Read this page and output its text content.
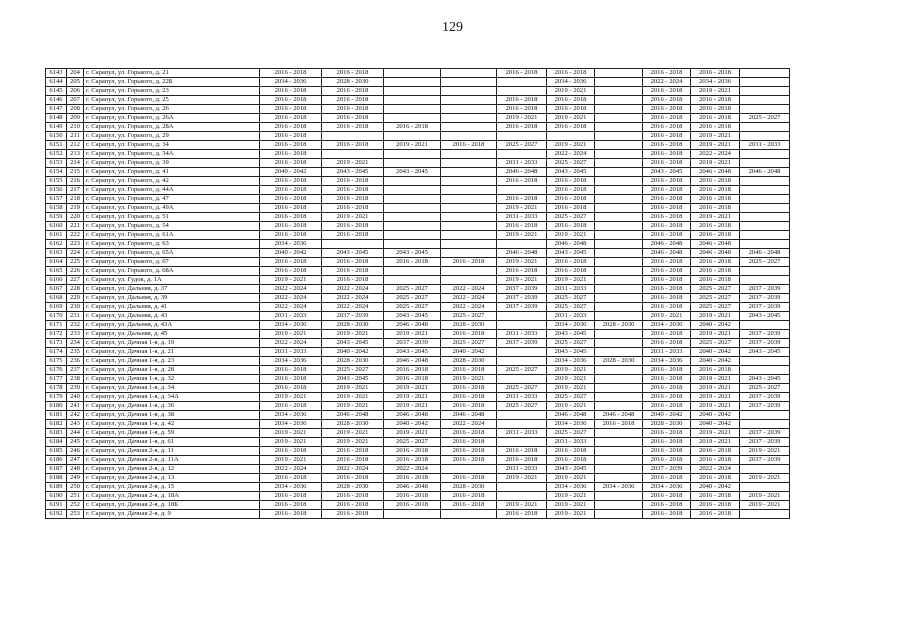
129
6143	204	г. Сарапул, ул. Горького, д. 21	2016 - 2018	2016 - 2018			2016 - 2018	2016 - 2018		2016 - 2018	2016 - 2018	
6144	205	г. Сарапул, ул. Горького, д. 22Б	2034 - 2036	2028 - 2030				2034 - 2036		2022 - 2024	2034 - 2036	
6145	206	г. Сарапул, ул. Горького, д. 23	2016 - 2018	2016 - 2018				2019 - 2021		2016 - 2018	2019 - 2021	
6146	207	г. Сарапул, ул. Горького, д. 25	2016 - 2018	2016 - 2018			2016 - 2018	2016 - 2018		2016 - 2018	2016 - 2018	
6147	208	г. Сарапул, ул. Горького, д. 26	2016 - 2018	2016 - 2018			2016 - 2018	2016 - 2018		2016 - 2018	2016 - 2018	
6148	209	г. Сарапул, ул. Горького, д. 26А	2016 - 2018	2016 - 2018			2019 - 2021	2019 - 2021		2016 - 2018	2016 - 2018	2025 - 2027
6149	210	г. Сарапул, ул. Горького, д. 28А	2016 - 2018	2016 - 2018	2016 - 2018		2016 - 2018	2016 - 2018		2016 - 2018	2016 - 2018	
6150	211	г. Сарапул, ул. Горького, д. 29	2016 - 2018							2016 - 2018	2019 - 2021	
6151	212	г. Сарапул, ул. Горького, д. 34	2016 - 2018	2016 - 2018	2019 - 2021	2016 - 2018	2025 - 2027	2019 - 2021		2016 - 2018	2019 - 2021	2031 - 2033
6152	213	г. Сарапул, ул. Горького, д. 34А	2016 - 2018					2022 - 2024		2016 - 2018	2022 - 2024	
6153	214	г. Сарапул, ул. Горького, д. 39	2016 - 2018	2019 - 2021			2031 - 2033	2025 - 2027		2016 - 2018	2019 - 2021	
6154	215	г. Сарапул, ул. Горького, д. 41	2040 - 2042	2043 - 2045	2043 - 2045		2046 - 2048	2043 - 2045		2043 - 2045	2046 - 2048	2046 - 2048
6155	216	г. Сарапул, ул. Горького, д. 42	2016 - 2018	2016 - 2018			2016 - 2018	2016 - 2018		2016 - 2018	2016 - 2018	
6156	217	г. Сарапул, ул. Горького, д. 44А	2016 - 2018	2016 - 2018				2016 - 2018		2016 - 2018	2016 - 2018	
6157	218	г. Сарапул, ул. Горького, д. 47	2016 - 2018	2016 - 2018			2016 - 2018	2016 - 2018		2016 - 2018	2016 - 2018	
6158	219	г. Сарапул, ул. Горького, д. 49А	2016 - 2018	2016 - 2018			2019 - 2021	2016 - 2018		2016 - 2018	2016 - 2018	
6159	220	г. Сарапул, ул. Горького, д. 51	2016 - 2018	2019 - 2021			2031 - 2033	2025 - 2027		2016 - 2018	2019 - 2021	
6160	221	г. Сарапул, ул. Горького, д. 54	2016 - 2018	2016 - 2018			2016 - 2018	2016 - 2018		2016 - 2018	2016 - 2018	
6161	222	г. Сарапул, ул. Горького, д. 61А	2016 - 2018	2016 - 2018			2019 - 2021	2019 - 2021		2016 - 2018	2016 - 2018	
6162	223	г. Сарапул, ул. Горького, д. 63	2034 - 2036					2046 - 2048		2046 - 2048	2046 - 2048	
6163	224	г. Сарапул, ул. Горького, д. 65А	2040 - 2042	2043 - 2045	2043 - 2045		2046 - 2048	2043 - 2045		2046 - 2048	2046 - 2048	2046 - 2048
6164	225	г. Сарапул, ул. Горького, д. 67	2016 - 2018	2016 - 2018	2016 - 2018	2016 - 2018	2019 - 2021	2016 - 2018		2016 - 2018	2016 - 2018	2025 - 2027
6165	226	г. Сарапул, ул. Горького, д. 68А	2016 - 2018	2016 - 2018			2016 - 2018	2016 - 2018		2016 - 2018	2016 - 2018	
6166	227	г. Сарапул, ул. Гудок, д. 1А	2019 - 2021	2016 - 2018			2019 - 2021	2019 - 2021		2016 - 2018	2016 - 2018	
6167	228	г. Сарапул, ул. Дальняя, д. 37	2022 - 2024	2022 - 2024	2025 - 2027	2022 - 2024	2037 - 2039	2031 - 2033		2016 - 2018	2025 - 2027	2037 - 2039
6168	229	г. Сарапул, ул. Дальняя, д. 39	2022 - 2024	2022 - 2024	2025 - 2027	2022 - 2024	2037 - 2039	2025 - 2027		2016 - 2018	2025 - 2027	2037 - 2039
6169	230	г. Сарапул, ул. Дальняя, д. 41	2022 - 2024	2022 - 2024	2025 - 2027	2022 - 2024	2037 - 2039	2025 - 2027		2016 - 2018	2025 - 2027	2037 - 2039
6170	231	г. Сарапул, ул. Дальняя, д. 43	2031 - 2033	2037 - 2039	2043 - 2045	2025 - 2027		2031 - 2033		2019 - 2021	2019 - 2021	2043 - 2045
6171	232	г. Сарапул, ул. Дальняя, д. 43А	2034 - 2036	2028 - 2030	2046 - 2048	2028 - 2030		2034 - 2036	2028 - 2030	2034 - 2036	2040 - 2042	
6172	233	г. Сарапул, ул. Дальняя, д. 45	2019 - 2021	2019 - 2021	2019 - 2021	2016 - 2018	2031 - 2033	2043 - 2045		2016 - 2018	2019 - 2021	2037 - 2039
6173	234	г. Сарапул, ул. Дачная 1-я, д. 19	2022 - 2024	2043 - 2045	2037 - 2039	2025 - 2027	2037 - 2039	2025 - 2027		2016 - 2018	2025 - 2027	2037 - 2039
6174	235	г. Сарапул, ул. Дачная 1-я, д. 21	2031 - 2033	2040 - 2042	2043 - 2045	2040 - 2042		2043 - 2045		2031 - 2033	2040 - 2042	2043 - 2045
6175	236	г. Сарапул, ул. Дачная 1-я, д. 23	2034 - 2036	2028 - 2030	2046 - 2048	2028 - 2030		2034 - 2036	2028 - 2030	2034 - 2036	2040 - 2042	
6176	237	г. Сарапул, ул. Дачная 1-я, д. 28	2016 - 2018	2025 - 2027	2016 - 2018	2016 - 2018	2025 - 2027	2019 - 2021		2016 - 2018	2016 - 2018	
6177	238	г. Сарапул, ул. Дачная 1-я, д. 32	2016 - 2018	2043 - 2045	2016 - 2018	2019 - 2021		2019 - 2021		2016 - 2018	2019 - 2021	2043 - 2045
6178	239	г. Сарапул, ул. Дачная 1-я, д. 34	2016 - 2018	2019 - 2021	2019 - 2021	2016 - 2018	2025 - 2027	2019 - 2021		2016 - 2018	2019 - 2021	2025 - 2027
6179	240	г. Сарапул, ул. Дачная 1-я, д. 34А	2019 - 2021	2019 - 2021	2019 - 2021	2016 - 2018	2031 - 2033	2025 - 2027		2016 - 2018	2019 - 2021	2037 - 2039
6180	241	г. Сарапул, ул. Дачная 1-я, д. 36	2016 - 2018	2019 - 2021	2019 - 2021	2016 - 2018	2025 - 2027	2019 - 2021		2016 - 2018	2019 - 2021	2037 - 2039
6181	242	г. Сарапул, ул. Дачная 1-я, д. 38	2034 - 2036	2046 - 2048	2046 - 2048	2046 - 2048		2046 - 2048	2046 - 2048	2040 - 2042	2040 - 2042	
6182	243	г. Сарапул, ул. Дачная 1-я, д. 42	2034 - 2036	2028 - 2030	2040 - 2042	2022 - 2024		2034 - 2036	2016 - 2018	2028 - 2030	2040 - 2042	
6183	244	г. Сарапул, ул. Дачная 1-я, д. 59	2019 - 2021	2019 - 2021	2019 - 2021	2016 - 2018	2031 - 2033	2025 - 2027		2016 - 2018	2019 - 2021	2037 - 2039
6184	245	г. Сарапул, ул. Дачная 1-я, д. 61	2019 - 2021	2019 - 2021	2025 - 2027	2016 - 2018		2031 - 2033		2016 - 2018	2019 - 2021	2037 - 2039
6185	246	г. Сарапул, ул. Дачная 2-я, д. 11	2016 - 2018	2016 - 2018	2016 - 2018	2016 - 2018	2016 - 2018	2016 - 2018		2016 - 2018	2016 - 2018	2019 - 2021
6186	247	г. Сарапул, ул. Дачная 2-я, д. 11А	2019 - 2021	2016 - 2018	2016 - 2018	2016 - 2018	2016 - 2018	2016 - 2018		2016 - 2018	2016 - 2018	2037 - 2039
6187	248	г. Сарапул, ул. Дачная 2-я, д. 12	2022 - 2024	2022 - 2024	2022 - 2024		2031 - 2033	2043 - 2045		2037 - 2039	2022 - 2024	
6188	249	г. Сарапул, ул. Дачная 2-я, д. 13	2016 - 2018	2016 - 2018	2016 - 2018	2016 - 2018	2019 - 2021	2019 - 2021		2016 - 2018	2016 - 2018	2019 - 2021
6189	250	г. Сарапул, ул. Дачная 2-я, д. 15	2034 - 2036	2028 - 2030	2046 - 2048	2028 - 2030		2034 - 2036	2034 - 2036	2034 - 2036	2040 - 2042	
6190	251	г. Сарапул, ул. Дачная 2-я, д. 18А	2016 - 2018	2016 - 2018	2016 - 2018	2016 - 2018		2019 - 2021		2016 - 2018	2016 - 2018	2019 - 2021
6191	252	г. Сарапул, ул. Дачная 2-я, д. 18Б	2016 - 2018	2016 - 2018	2016 - 2018	2016 - 2018	2019 - 2021	2019 - 2021		2016 - 2018	2016 - 2018	2019 - 2021
6192	253	г. Сарапул, ул. Дачная 2-я, д. 9	2016 - 2018	2016 - 2018			2016 - 2018	2019 - 2021		2016 - 2018	2016 - 2018	
